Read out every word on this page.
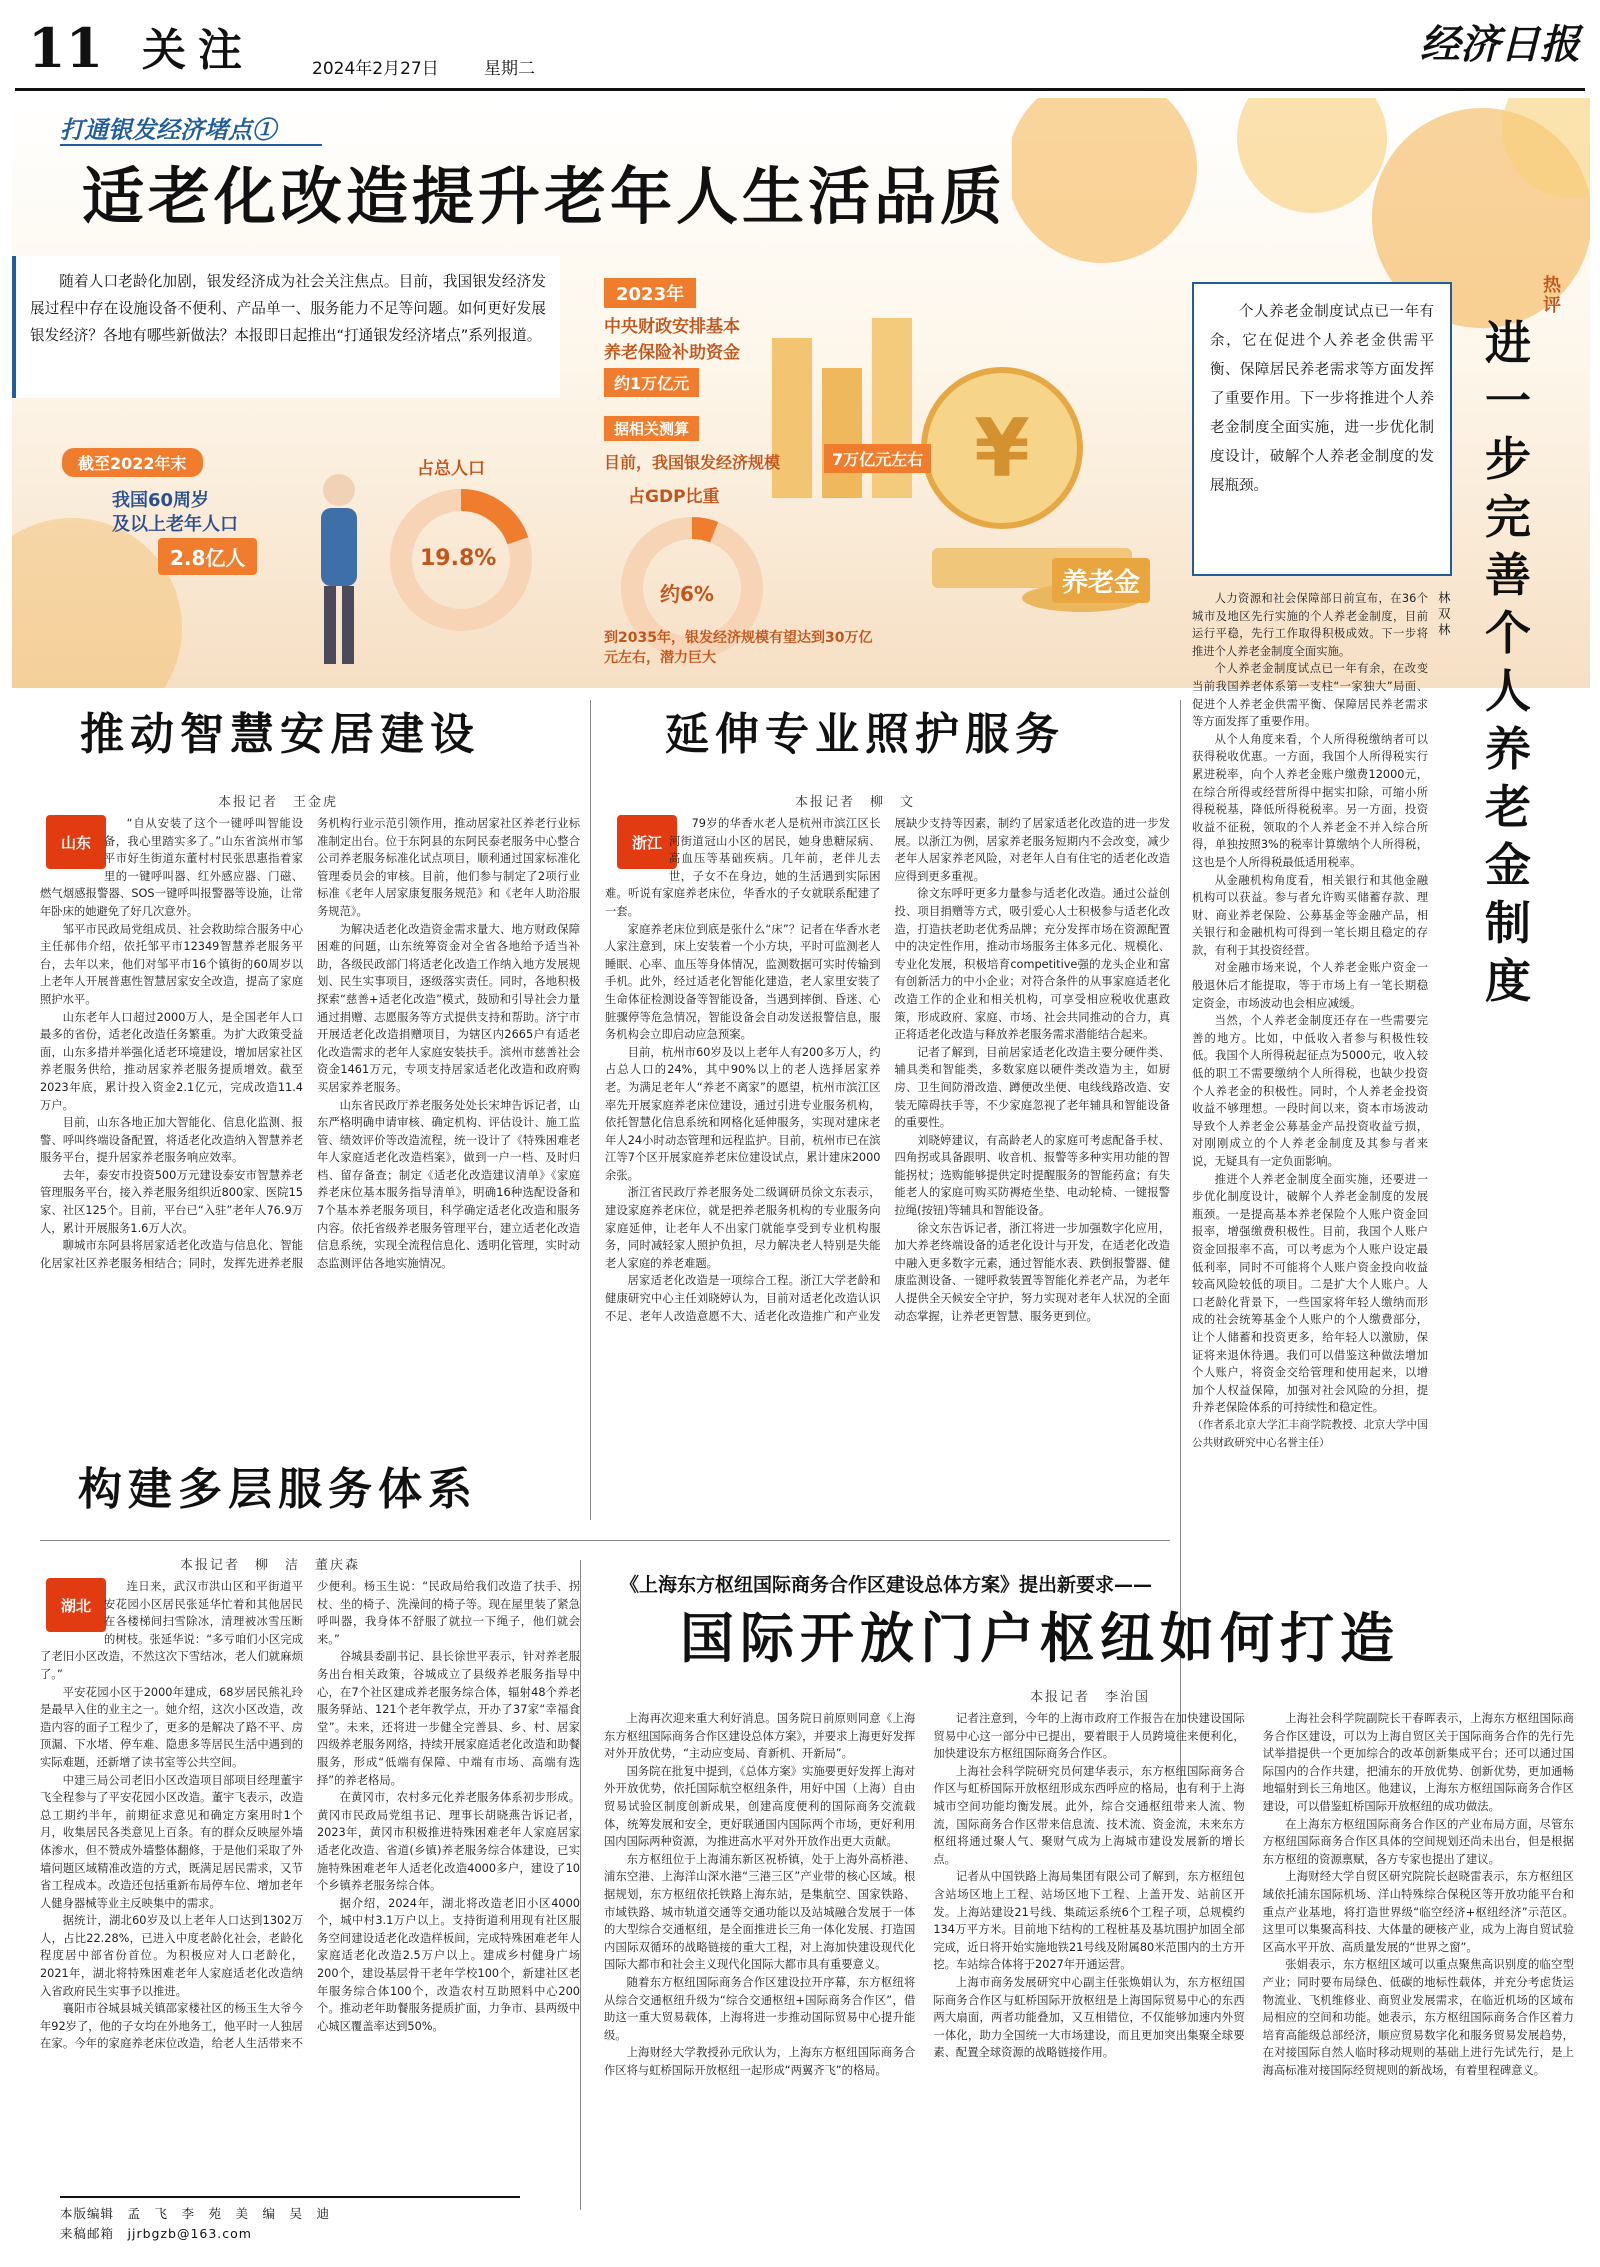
11 关注	2024年2月27日	星期二
经济日报
打通银发经济堵点①
适老化改造提升老年人生活品质
随着人口老龄化加剧，银发经济成为社会关注焦点。目前，我国银发经济发展过程中存在设施设备不便利、产品单一、服务能力不足等问题。如何更好发展银发经济？各地有哪些新做法？本报即日起推出“打通银发经济堵点”系列报道。
截至2022年末
我国60周岁
及以上老年人口
2.8亿人
占总人口
19.8%
2023年
中央财政安排基本
养老保险补助资金
约1万亿元
¥
养老金
据相关测算
目前，我国银发经济规模	7万亿元左右
占GDP比重
约6%
到2035年，银发经济规模有望达到30万亿元左右，潜力巨大
个人养老金制度试点已一年有余，它在促进个人养老金供需平衡、保障居民养老需求等方面发挥了重要作用。下一步将推进个人养老金制度全面实施，进一步优化制度设计，破解个人养老金制度的发展瓶颈。
热评
进一步完善个人养老金制度
林 双 林

人力资源和社会保障部日前宣布，在36个城市及地区先行实施的个人养老金制度，目前运行平稳，先行工作取得积极成效。下一步将推进个人养老金制度全面实施。

个人养老金制度试点已一年有余，在改变当前我国养老体系第一支柱“一家独大”局面、促进个人养老金供需平衡、保障居民养老需求等方面发挥了重要作用。

从个人角度来看，个人所得税缴纳者可以获得税收优惠。一方面，我国个人所得税实行累进税率，向个人养老金账户缴费12000元，在综合所得或经营所得中据实扣除，可缩小所得税税基，降低所得税税率。另一方面，投资收益不征税，领取的个人养老金不并入综合所得，单独按照3%的税率计算缴纳个人所得税，这也是个人所得税最低适用税率。

从金融机构角度看，相关银行和其他金融机构可以获益。参与者允许购买储蓄存款、理财、商业养老保险、公募基金等金融产品，相关银行和金融机构可得到一笔长期且稳定的存款，有利于其投资经营。

对金融市场来说，个人养老金账户资金一般退休后才能提取，等于市场上有一笔长期稳定资金，市场波动也会相应减缓。

当然，个人养老金制度还存在一些需要完善的地方。比如，中低收入者参与积极性较低。我国个人所得税起征点为5000元，收入较低的职工不需要缴纳个人所得税，也缺少投资个人养老金的积极性。同时，个人养老金投资收益不够理想。一段时间以来，资本市场波动导致个人养老金公募基金产品投资收益亏损，对刚刚成立的个人养老金制度及其参与者来说，无疑具有一定负面影响。

推进个人养老金制度全面实施，还要进一步优化制度设计，破解个人养老金制度的发展瓶颈。一是提高基本养老保险个人账户资金回报率，增强缴费积极性。目前，我国个人账户资金回报率不高，可以考虑为个人账户设定最低利率，同时不可能将个人账户资金投向收益较高风险较低的项目。二是扩大个人账户。人口老龄化背景下，一些国家将年轻人缴纳而形成的社会统筹基金个人账户的个人缴费部分，让个人储蓄和投资更多，给年轻人以激励，保证将来退休待遇。我们可以借鉴这种做法增加个人账户，将资金交给管理和使用起来，以增加个人权益保障，加强对社会风险的分担，提升养老保险体系的可持续性和稳定性。

（作者系北京大学汇丰商学院教授、北京大学中国公共财政研究中心名誉主任）

推动智慧安居建设
本报记者　王金虎
山东

“自从安装了这个一键呼叫智能设备，我心里踏实多了。”山东省滨州市邹平市好生街道东董村村民张思惠指着家里的一键呼叫器、红外感应器、门磁、燃气烟感报警器、SOS一键呼叫报警器等设施，让常年卧床的她避免了好几次意外。

邹平市民政局党组成员、社会救助综合服务中心主任郝伟介绍，依托邹平市12349智慧养老服务平台，去年以来，他们对邹平市16个镇街的60周岁以上老年人开展普惠性智慧居家安全改造，提高了家庭照护水平。

山东老年人口超过2000万人，是全国老年人口最多的省份，适老化改造任务繁重。为扩大政策受益面，山东多措并举强化适老环境建设，增加居家社区养老服务供给，推动居家养老服务提质增效。截至2023年底，累计投入资金2.1亿元，完成改造11.4万户。

目前，山东各地正加大智能化、信息化监测、报警、呼叫终端设备配置，将适老化改造纳入智慧养老服务平台，提升居家养老服务响应效率。

去年，泰安市投资500万元建设泰安市智慧养老管理服务平台，接入养老服务组织近800家、医院15家、社区125个。目前，平台已“入驻”老年人76.9万人，累计开展服务1.6万人次。

聊城市东阿县将居家适老化改造与信息化、智能化居家社区养老服务相结合；同时，发挥先进养老服务机构行业示范引领作用，推动居家社区养老行业标准制定出台。位于东阿县的东阿民泰老服务中心整合公司养老服务标准化试点项目，顺利通过国家标准化管理委员会的审核。目前，他们参与制定了2项行业标准《老年人居家康复服务规范》和《老年人助浴服务规范》。

为解决适老化改造资金需求量大、地方财政保障困难的问题，山东统筹资金对全省各地给予适当补助，各级民政部门将适老化改造工作纳入地方发展规划、民生实事项目，逐级落实责任。同时，各地积极探索“慈善+适老化改造”模式，鼓励和引导社会力量通过捐赠、志愿服务等方式提供支持和帮助。济宁市开展适老化改造捐赠项目，为辖区内2665户有适老化改造需求的老年人家庭安装扶手。滨州市慈善社会资金1461万元，专项支持居家适老化改造和政府购买居家养老服务。

山东省民政厅养老服务处处长宋坤告诉记者，山东严格明确申请审核、确定机构、评估设计、施工监管、绩效评价等改造流程，统一设计了《特殊困难老年人家庭适老化改造档案》，做到一户一档、及时归档、留存备查；制定《适老化改造建议清单》《家庭养老床位基本服务指导清单》，明确16种选配设备和7个基本养老服务项目，科学确定适老化改造和服务内容。依托省级养老服务管理平台，建立适老化改造信息系统，实现全流程信息化、透明化管理，实时动态监测评估各地实施情况。

延伸专业照护服务
本报记者　柳　文
浙江

79岁的华香水老人是杭州市滨江区长河街道冠山小区的居民，她身患糖尿病、高血压等基础疾病。几年前，老伴儿去世，子女不在身边，她的生活遇到实际困难。听说有家庭养老床位，华香水的子女就联系配建了一套。

家庭养老床位到底是张什么“床”？记者在华香水老人家注意到，床上安装着一个小方块，平时可监测老人睡眠、心率、血压等身体情况，监测数据可实时传输到手机。此外，经过适老化智能化建造，老人家里安装了生命体征检测设备等智能设备，当遇到摔倒、昏迷、心脏骤停等危急情况，智能设备会自动发送报警信息，服务机构会立即启动应急预案。

目前，杭州市60岁及以上老年人有200多万人，约占总人口的24%，其中90%以上的老人选择居家养老。为满足老年人“养老不离家”的愿望，杭州市滨江区率先开展家庭养老床位建设，通过引进专业服务机构，依托智慧化信息系统和网格化延伸服务，实现对建床老年人24小时动态管理和远程监护。目前，杭州市已在滨江等7个区开展家庭养老床位建设试点，累计建床2000余张。

浙江省民政厅养老服务处二级调研员徐文东表示，建设家庭养老床位，就是把养老服务机构的专业服务向家庭延伸，让老年人不出家门就能享受到专业机构服务，同时减轻家人照护负担，尽力解决老人特别是失能老人家庭的养老难题。

居家适老化改造是一项综合工程。浙江大学老龄和健康研究中心主任刘晓婷认为，目前对适老化改造认识不足、老年人改造意愿不大、适老化改造推广和产业发展缺少支持等因素，制约了居家适老化改造的进一步发展。以浙江为例，居家养老服务短期内不会改变，减少老年人居家养老风险，对老年人自有住宅的适老化改造应得到更多重视。

徐文东呼吁更多力量参与适老化改造。通过公益创投、项目捐赠等方式，吸引爱心人士积极参与适老化改造，打造扶老助老优秀品牌；充分发挥市场在资源配置中的决定性作用，推动市场服务主体多元化、规模化、专业化发展，积极培育competitive强的龙头企业和富有创新活力的中小企业；对符合条件的从事家庭适老化改造工作的企业和相关机构，可享受相应税收优惠政策，形成政府、家庭、市场、社会共同推动的合力，真正将适老化改造与释放养老服务需求潜能结合起来。

记者了解到，目前居家适老化改造主要分硬件类、辅具类和智能类，多数家庭以硬件类改造为主，如厨房、卫生间防滑改造、蹲便改坐便、电线线路改造、安装无障碍扶手等，不少家庭忽视了老年辅具和智能设备的重要性。

刘晓婷建议，有高龄老人的家庭可考虑配备手杖、四角拐或具备跟明、收音机、报警等多种实用功能的智能拐杖；选购能够提供定时提醒服务的智能药盒；有失能老人的家庭可购买防褥疮坐垫、电动轮椅、一键报警拉绳(按钮)等辅具和智能设备。

徐文东告诉记者，浙江将进一步加强数字化应用，加大养老终端设备的适老化设计与开发，在适老化改造中融入更多数字元素，通过智能水表、跌倒报警器、健康监测设备、一键呼救装置等智能化养老产品，为老年人提供全天候安全守护，努力实现对老年人状况的全面动态掌握，让养老更智慧、服务更到位。

构建多层服务体系
本报记者　柳　洁　董庆森
湖北

连日来，武汉市洪山区和平街道平安花园小区居民张延华忙着和其他居民在各楼梯间扫雪除冰，清理被冰雪压断的树枝。张延华说：“多亏咱们小区完成了老旧小区改造，不然这次下雪结冰，老人们就麻烦了。”

平安花园小区于2000年建成，68岁居民熊礼玲是最早入住的业主之一。她介绍，这次小区改造，改造内容的面子工程少了，更多的是解决了路不平、房顶漏、下水堵、停车难、隐患多等居民生活中遇到的实际难题，还新增了读书室等公共空间。

中建三局公司老旧小区改造项目部项目经理董宇飞全程参与了平安花园小区改造。董宇飞表示，改造总工期约半年，前期征求意见和确定方案用时1个月，收集居民各类意见上百条。有的群众反映屋外墙体渗水，但不赞成外墙整体翻修，于是他们采取了外墙问题区域精准改造的方式，既满足居民需求，又节省工程成本。改造还包括重新布局停车位、增加老年人健身器械等业主反映集中的需求。

据统计，湖北60岁及以上老年人口达到1302万人，占比22.28%，已进入中度老龄化社会，老龄化程度居中部省份首位。为积极应对人口老龄化，2021年，湖北将特殊困难老年人家庭适老化改造纳入省政府民生实事予以推进。

襄阳市谷城县城关镇邵家楼社区的杨玉生大爷今年92岁了，他的子女均在外地务工，他平时一人独居在家。今年的家庭养老床位改造，给老人生活带来不少便利。杨玉生说：“民政局给我们改造了扶手、拐杖、坐的椅子、洗澡间的椅子等。现在屋里装了紧急呼叫器，我身体不舒服了就拉一下绳子，他们就会来。”

谷城县委副书记、县长徐世平表示，针对养老服务出台相关政策，谷城成立了县级养老服务指导中心，在7个社区建成养老服务综合体，辐射48个养老服务驿站、121个老年教学点，开办了37家“幸福食堂”。未来，还将进一步健全完善县、乡、村、居家四级养老服务网络，持续开展家庭适老化改造和助餐服务，形成“低端有保障、中端有市场、高端有选择”的养老格局。

在黄冈市，农村多元化养老服务体系初步形成。黄冈市民政局党组书记、理事长胡晓燕告诉记者，2023年，黄冈市积极推进特殊困难老年人家庭居家适老化改造、省道(乡镇)养老服务综合体建设，已实施特殊困难老年人适老化改造4000多户，建设了10个乡镇养老服务综合体。

据介绍，2024年，湖北将改造老旧小区4000个，城中村3.1万户以上。支持街道利用现有社区服务空间建设适老化改造样板间，完成特殊困难老年人家庭适老化改造2.5万户以上。建成乡村健身广场200个，建设基层骨干老年学校100个，新建社区老年服务综合体100个，改造农村互助照料中心200个。推动老年助餐服务提质扩面，力争市、县两级中心城区覆盖率达到50%。

《上海东方枢纽国际商务合作区建设总体方案》提出新要求——
国际开放门户枢纽如何打造
本报记者　李治国

上海再次迎来重大利好消息。国务院日前原则同意《上海东方枢纽国际商务合作区建设总体方案》，并要求上海更好发挥对外开放优势，“主动应变局、育新机、开新局”。

国务院在批复中提到，《总体方案》实施要更好发挥上海对外开放优势，依托国际航空枢纽条件，用好中国（上海）自由贸易试验区制度创新成果，创建高度便利的国际商务交流载体，统筹发展和安全，更好联通国内国际两个市场，更好利用国内国际两种资源，为推进高水平对外开放作出更大贡献。

东方枢纽位于上海浦东新区祝桥镇，处于上海外高桥港、浦东空港、上海洋山深水港“三港三区”产业带的核心区域。根据规划，东方枢纽依托铁路上海东站，是集航空、国家铁路、市域铁路、城市轨道交通等交通功能以及站城融合发展于一体的大型综合交通枢纽，是全面推进长三角一体化发展、打造国内国际双循环的战略链接的重大工程，对上海加快建设现代化国际大都市和社会主义现代化国际大都市具有重要意义。

随着东方枢纽国际商务合作区建设拉开序幕，东方枢纽将从综合交通枢纽升级为“综合交通枢纽+国际商务合作区”，借助这一重大贸易载体，上海将进一步推动国际贸易中心提升能级。

上海财经大学教授孙元欣认为，上海东方枢纽国际商务合作区将与虹桥国际开放枢纽一起形成“两翼齐飞”的格局。

记者注意到，今年的上海市政府工作报告在加快建设国际贸易中心这一部分中已提出，要着眼于人员跨境往来便利化，加快建设东方枢纽国际商务合作区。

上海社会科学院研究员何建华表示，东方枢纽国际商务合作区与虹桥国际开放枢纽形成东西呼应的格局，也有利于上海城市空间功能均衡发展。此外，综合交通枢纽带来人流、物流，国际商务合作区带来信息流、技术流、资金流，未来东方枢纽将通过聚人气、聚财气成为上海城市建设发展新的增长点。

记者从中国铁路上海局集团有限公司了解到，东方枢纽包含站场区地上工程、站场区地下工程、上盖开发、站前区开发。上海站建设21号线、集疏运系统6个工程子项，总规模约134万平方米。目前地下结构的工程桩基及基坑围护加固全部完成，近日将开始实施地铁21号线及附属80米范围内的土方开挖。车站综合体将于2027年开通运营。

上海市商务发展研究中心副主任张焕娟认为，东方枢纽国际商务合作区与虹桥国际开放枢纽是上海国际贸易中心的东西两大扇面，两者功能叠加，又互相错位，不仅能够加速内外贸一体化，助力全国统一大市场建设，而且更加突出集聚全球要素、配置全球资源的战略链接作用。

上海社会科学院副院长干春晖表示，上海东方枢纽国际商务合作区建设，可以为上海自贸区关于国际商务合作的先行先试举措提供一个更加综合的改革创新集成平台；还可以通过国际国内的合作共建，把浦东的开放优势、创新优势，更加通畅地辐射到长三角地区。他建议，上海东方枢纽国际商务合作区建设，可以借鉴虹桥国际开放枢纽的成功做法。

在上海东方枢纽国际商务合作区的产业布局方面，尽管东方枢纽国际商务合作区具体的空间规划还尚未出台，但是根据东方枢纽的资源禀赋，各方专家也提出了建议。

上海财经大学自贸区研究院院长赵晓雷表示，东方枢纽区域依托浦东国际机场、洋山特殊综合保税区等开放功能平台和重点产业基地，将打造世界级“临空经济+枢纽经济”示范区。这里可以集聚高科技、大体量的硬核产业，成为上海自贸试验区高水平开放、高质量发展的“世界之窗”。

张娟表示，东方枢纽区域可以重点聚焦高识别度的临空型产业；同时要布局绿色、低碳的地标性载体，并充分考虑货运物流业、飞机维修业、商贸业发展需求，在临近机场的区域布局相应的空间和功能。她表示，东方枢纽国际商务合作区着力培育高能级总部经济，顺应贸易数字化和服务贸易发展趋势，在对接国际自然人临时移动规则的基础上进行先试先行，是上海高标准对接国际经贸规则的新战场，有着里程碑意义。

本版编辑　孟　飞　李　苑　美　编　吴　迪
来稿邮箱　jjrbgzb@163.com
